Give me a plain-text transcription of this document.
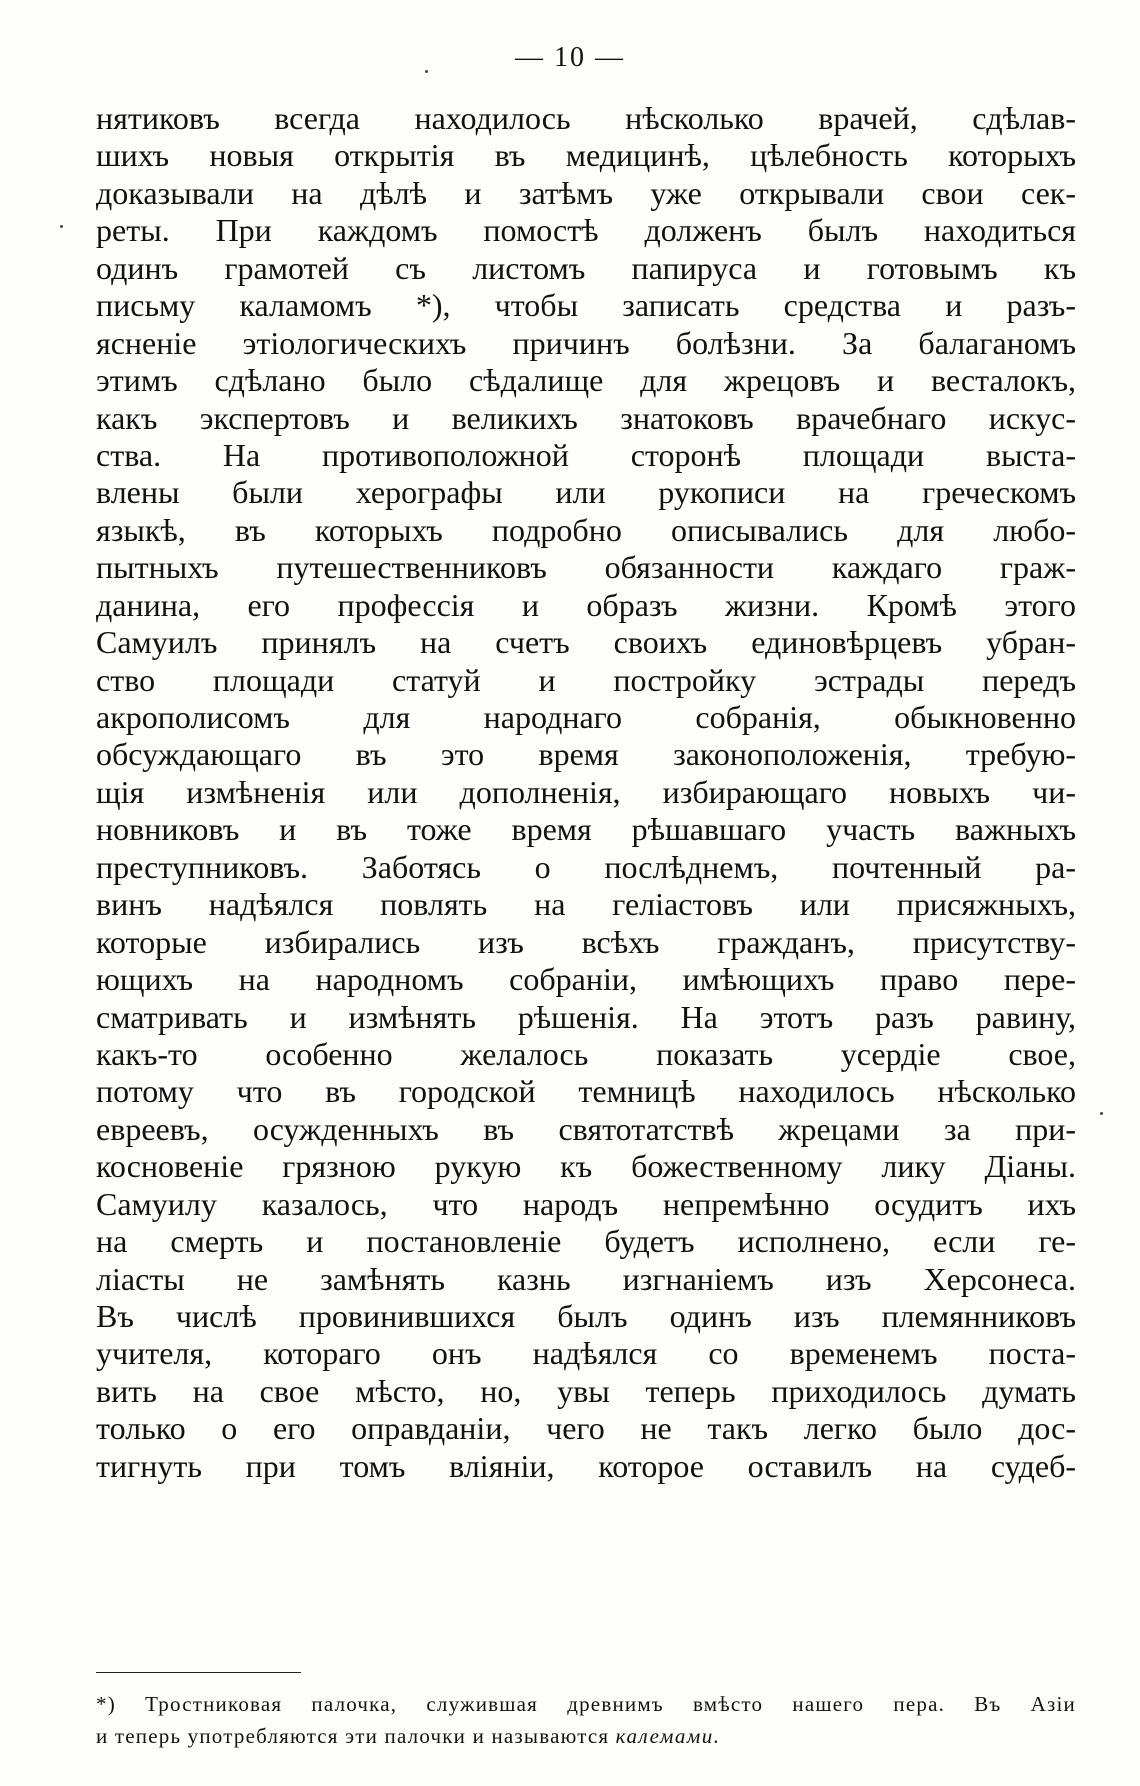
— 10 —
нятиковъ всегда находилось нѣсколько врачей, сдѣлав-
шихъ новыя открытія въ медицинѣ, цѣлебность которыхъ
доказывали на дѣлѣ и затѣмъ уже открывали свои сек-
реты. При каждомъ помостѣ долженъ былъ находиться
одинъ грамотей съ листомъ папируса и готовымъ къ
письму каламомъ *), чтобы записать средства и разъ-
ясненіе этіологическихъ причинъ болѣзни. За балаганомъ
этимъ сдѣлано было сѣдалище для жрецовъ и весталокъ,
какъ экспертовъ и великихъ знатоковъ врачебнаго искус-
ства. На противоположной сторонѣ площади выста-
влены были херографы или рукописи на греческомъ
языкѣ, въ которыхъ подробно описывались для любо-
пытныхъ путешественниковъ обязанности каждаго граж-
данина, его профессія и образъ жизни. Кромѣ этого
Самуилъ принялъ на счетъ своихъ единовѣрцевъ убран-
ство площади статуй и постройку эстрады передъ
акрополисомъ для народнаго собранія, обыкновенно
обсуждающаго въ это время законоположенія, требую-
щія измѣненія или дополненія, избирающаго новыхъ чи-
новниковъ и въ тоже время рѣшавшаго участь важныхъ
преступниковъ. Заботясь о послѣднемъ, почтенный ра-
винъ надѣялся повлять на геліастовъ или присяжныхъ,
которые избирались изъ всѣхъ гражданъ, присутству-
ющихъ на народномъ собраніи, имѣющихъ право пере-
сматривать и измѣнять рѣшенія. На этотъ разъ равину,
какъ-то особенно желалось показать усердіе свое,
потому что въ городской темницѣ находилось нѣсколько
евреевъ, осужденныхъ въ святотатствѣ жрецами за при-
косновеніе грязною рукую къ божественному лику Діаны.
Самуилу казалось, что народъ непремѣнно осудитъ ихъ
на смерть и постановленіе будетъ исполнено, если ге-
ліасты не замѣнять казнь изгнаніемъ изъ Херсонеса.
Въ числѣ провинившихся былъ одинъ изъ племянниковъ
учителя, котораго онъ надѣялся со временемъ поста-
вить на свое мѣсто, но, увы теперь приходилось думать
только о его оправданіи, чего не такъ легко было дос-
тигнуть при томъ вліяніи, которое оставилъ на судеб-
*) Тростниковая палочка, служившая древнимъ вмѣсто нашего пера. Въ Азіи
и теперь употребляются эти палочки и называются калемами.
